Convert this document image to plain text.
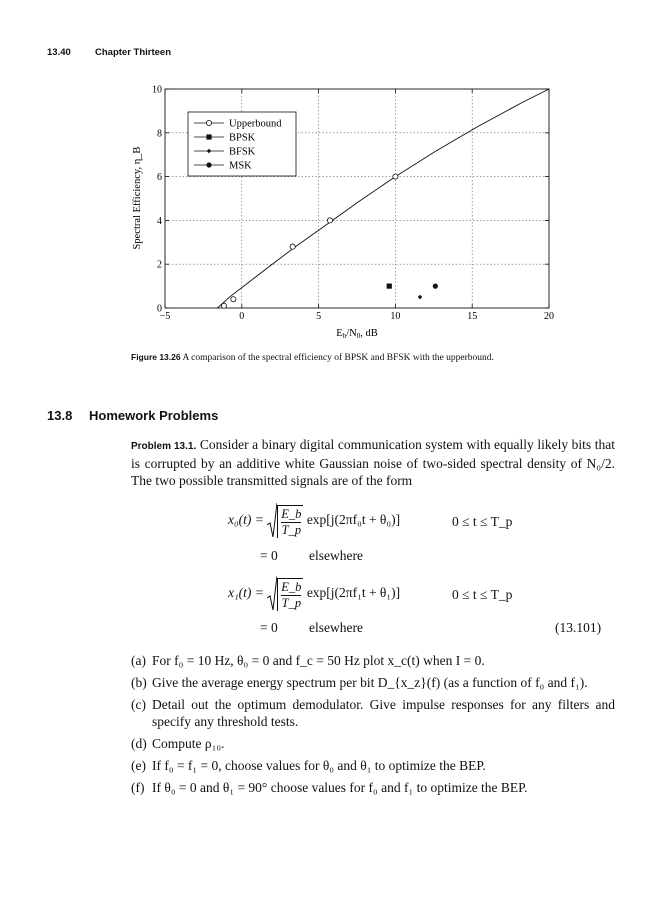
13.40	Chapter Thirteen
−5	0	5	10	15	20
0
2
4
6
8
10
Upperbound
BPSK
BFSK
MSK
Eb/N0, dB
Spectral Efficiency, η_B
Figure 13.26 A comparison of the spectral efficiency of BPSK and BFSK with the upperbound.
13.8 Homework Problems
Problem 13.1. Consider a binary digital communication system with equally likely bits that is corrupted by an additive white Gaussian noise of two-sided spectral density of N₀/2. The two possible transmitted signals are of the form
$x_0(t) = \frac{E\_b}{T\_p} \exp[j(2\pi f_0t + \theta_0)]$	0 ≤ t ≤ T_p
= 0 elsewhere
$x_1(t) = \frac{E\_b}{T\_p} \exp[j(2\pi f_1t + \theta_1)]$	0 ≤ t ≤ T_p
= 0 elsewhere	(13.101)
(a) For f₀ = 10 Hz, θ₀ = 0 and f_c = 50 Hz plot x_c(t) when I = 0.
(b) Give the average energy spectrum per bit D_{x_z}(f) (as a function of f₀ and f₁).
(c) Detail out the optimum demodulator. Give impulse responses for any filters and specify any threshold tests.
(d) Compute ρ₁₀.
(e) If f₀ = f₁ = 0, choose values for θ₀ and θ₁ to optimize the BEP.
(f) If θ₀ = 0 and θ₁ = 90° choose values for f₀ and f₁ to optimize the BEP.
